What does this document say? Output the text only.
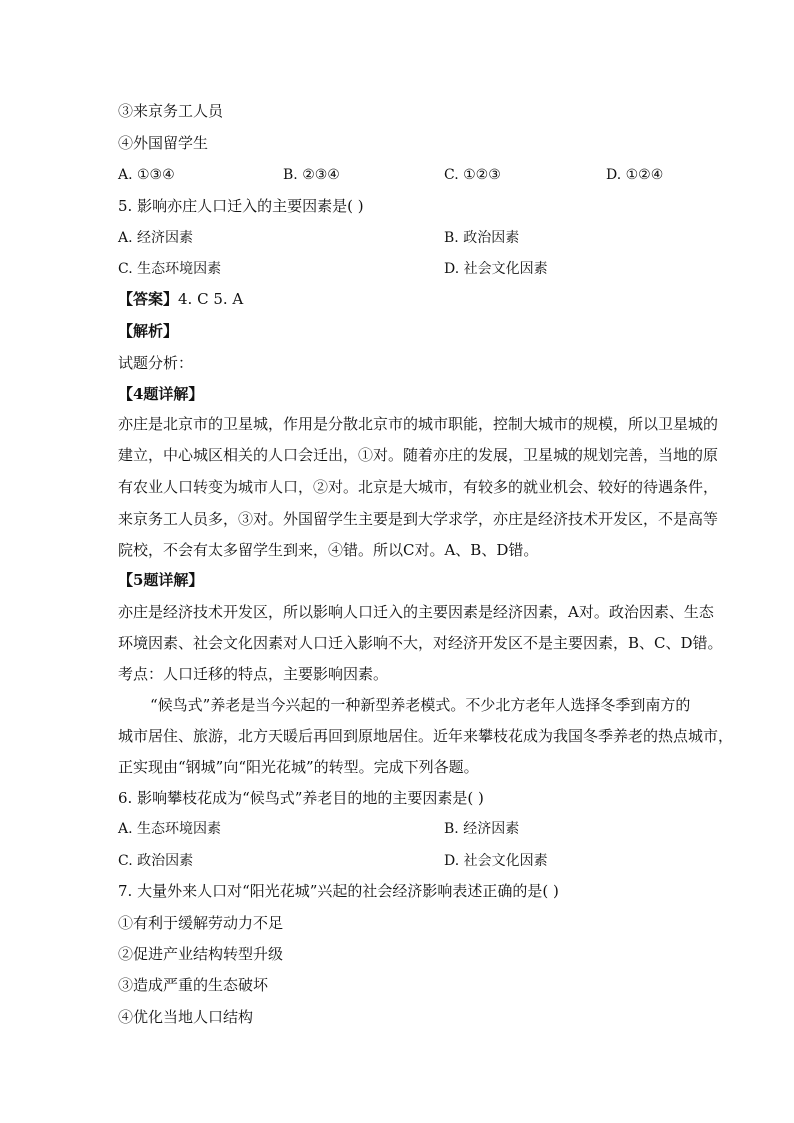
③来京务工人员
④外国留学生
A. ①③④	B. ②③④	C. ①②③	D. ①②④
5. 影响亦庄人口迁入的主要因素是( )
A. 经济因素	B. 政治因素
C. 生态环境因素	D. 社会文化因素
【答案】4. C 5. A
【解析】
试题分析：
【4题详解】
亦庄是北京市的卫星城，作用是分散北京市的城市职能，控制大城市的规模，所以卫星城的
建立，中心城区相关的人口会迁出，①对。随着亦庄的发展，卫星城的规划完善，当地的原
有农业人口转变为城市人口，②对。北京是大城市，有较多的就业机会、较好的待遇条件，
来京务工人员多，③对。外国留学生主要是到大学求学，亦庄是经济技术开发区，不是高等
院校，不会有太多留学生到来，④错。所以C对。A、B、D错。
【5题详解】
亦庄是经济技术开发区，所以影响人口迁入的主要因素是经济因素，A对。政治因素、生态
环境因素、社会文化因素对人口迁入影响不大，对经济开发区不是主要因素，B、C、D错。
考点：人口迁移的特点，主要影响因素。
“候鸟式”养老是当今兴起的一种新型养老模式。不少北方老年人选择冬季到南方的
城市居住、旅游，北方天暖后再回到原地居住。近年来攀枝花成为我国冬季养老的热点城市，
正实现由“钢城”向“阳光花城”的转型。完成下列各题。
6. 影响攀枝花成为“候鸟式”养老目的地的主要因素是( )
A. 生态环境因素	B. 经济因素
C. 政治因素	D. 社会文化因素
7. 大量外来人口对“阳光花城”兴起的社会经济影响表述正确的是( )
①有利于缓解劳动力不足
②促进产业结构转型升级
③造成严重的生态破坏
④优化当地人口结构
